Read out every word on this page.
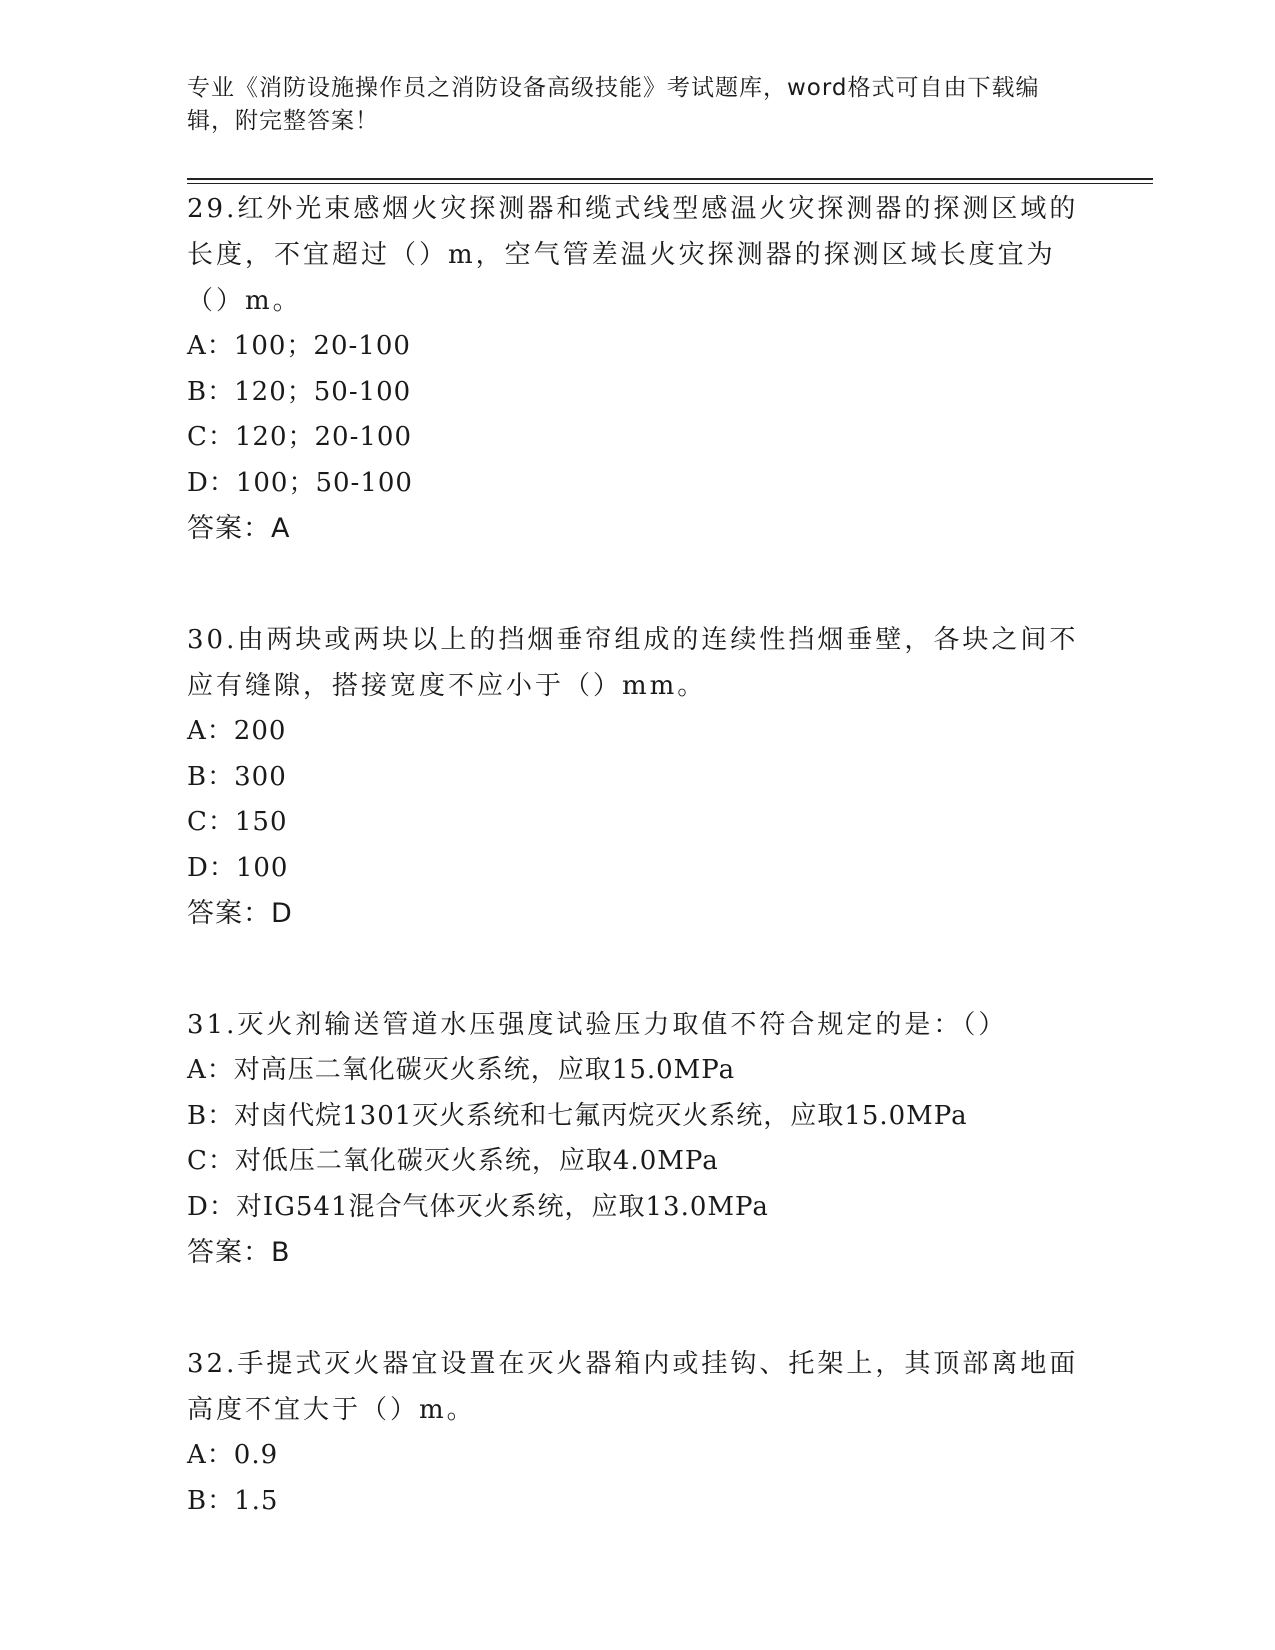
专业《消防设施操作员之消防设备高级技能》考试题库，word格式可自由下载编辑，附完整答案！

29.红外光束感烟火灾探测器和缆式线型感温火灾探测器的探测区域的长度，不宜超过（）m，空气管差温火灾探测器的探测区域长度宜为（）m。

A：100；20-100

B：120；50-100

C：120；20-100

D：100；50-100

答案：A

30.由两块或两块以上的挡烟垂帘组成的连续性挡烟垂壁，各块之间不应有缝隙，搭接宽度不应小于（）mm。

A：200

B：300

C：150

D：100

答案：D

31.灭火剂输送管道水压强度试验压力取值不符合规定的是：（）

A：对高压二氧化碳灭火系统，应取15.0MPa

B：对卤代烷1301灭火系统和七氟丙烷灭火系统，应取15.0MPa

C：对低压二氧化碳灭火系统，应取4.0MPa

D：对IG541混合气体灭火系统，应取13.0MPa

答案：B

32.手提式灭火器宜设置在灭火器箱内或挂钩、托架上，其顶部离地面高度不宜大于（）m。

A：0.9

B：1.5
